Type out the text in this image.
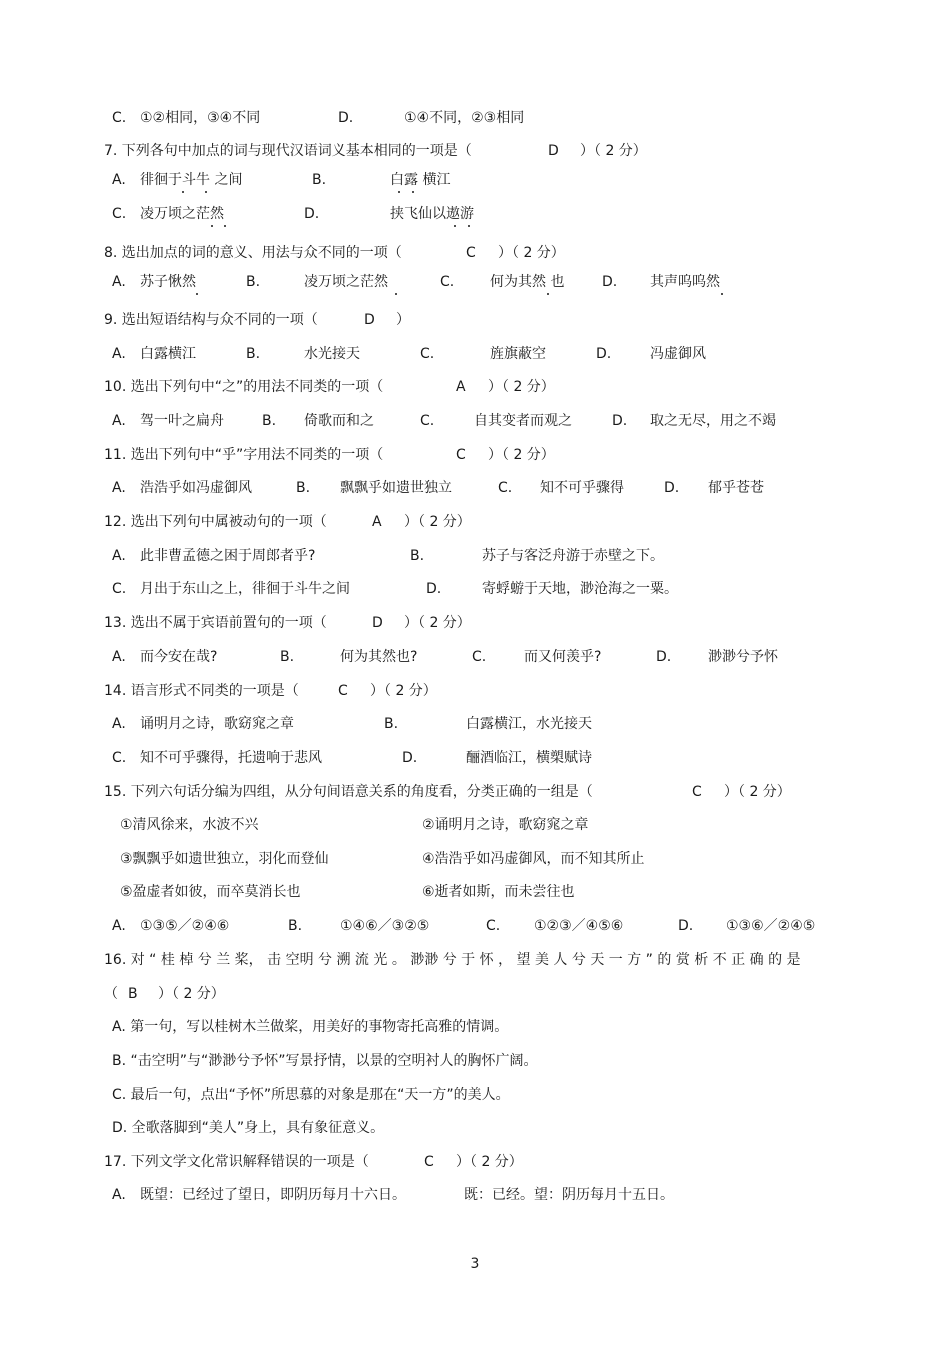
C. ①②相同，③④不同	D.	①④不同，②③相同
7. 下列各句中加点的词与现代汉语词义基本相同的一项是（	D ）（ 2 分）
A. 徘徊于斗牛 之间	B.	白露 横江
C. 凌万顷之茫然	D.	挟飞仙以遨游
8. 选出加点的词的意义、用法与众不同的一项（	C ）（ 2 分）
A. 苏子愀然	B.	凌万顷之茫然	C.	何为其然 也	D. 其声呜呜然
9. 选出短语结构与众不同的一项（	D ）
A. 白露横江	B.	水光接天	C.	旌旗蔽空	D.	冯虚御风
10. 选出下列句中“之”的用法不同类的一项（	A ）（ 2 分）
A. 驾一叶之扁舟	B. 倚歌而和之	C.	自其变者而观之	D. 取之无尽，用之不竭
11. 选出下列句中“乎”字用法不同类的一项（	C ）（ 2 分）
A. 浩浩乎如冯虚御风	B. 飘飘乎如遗世独立	C. 知不可乎骤得	D. 郁乎苍苍
12. 选出下列句中属被动句的一项（	A ）（ 2 分）
A. 此非曹孟德之困于周郎者乎?	B.	苏子与客泛舟游于赤壁之下。
C. 月出于东山之上，徘徊于斗牛之间	D.	寄蜉蝣于天地，渺沧海之一粟。
13. 选出不属于宾语前置句的一项（	D ）（ 2 分）
A. 而今安在哉?	B.	何为其然也?	C.	而又何羡乎?	D.	渺渺兮予怀
14. 语言形式不同类的一项是（	C ）（ 2 分）
A. 诵明月之诗，歌窈窕之章	B.	白露横江，水光接天
C. 知不可乎骤得，托遗响于悲风	D.	酾酒临江，横槊赋诗
15. 下列六句话分编为四组，从分句间语意关系的角度看，分类正确的一组是（	C ）（ 2 分）
①清风徐来，水波不兴	②诵明月之诗，歌窈窕之章
③飘飘乎如遗世独立，羽化而登仙	④浩浩乎如冯虚御风，而不知其所止
⑤盈虚者如彼，而卒莫消长也	⑥逝者如斯，而未尝往也
A. ①③⑤／②④⑥	B.	①④⑥／③②⑤	C. ①②③／④⑤⑥	D. ①③⑥／②④⑤
16. 对 “ 桂 棹 兮 兰 桨， 击 空明 兮 溯 流 光 。 渺渺 兮 于 怀 ， 望 美 人 兮 天 一 方 ” 的 赏 析 不 正 确 的 是
（ B ）（ 2 分）
A. 第一句，写以桂树木兰做桨，用美好的事物寄托高雅的情调。
B. “击空明”与“渺渺兮予怀”写景抒情，以景的空明衬人的胸怀广阔。
C. 最后一句，点出“予怀”所思慕的对象是那在“天一方”的美人。
D. 全歌落脚到“美人”身上，具有象征意义。
17. 下列文学文化常识解释错误的一项是（	C ）（ 2 分）
A. 既望：已经过了望日，即阴历每月十六日。	既：已经。望：阴历每月十五日。
3
